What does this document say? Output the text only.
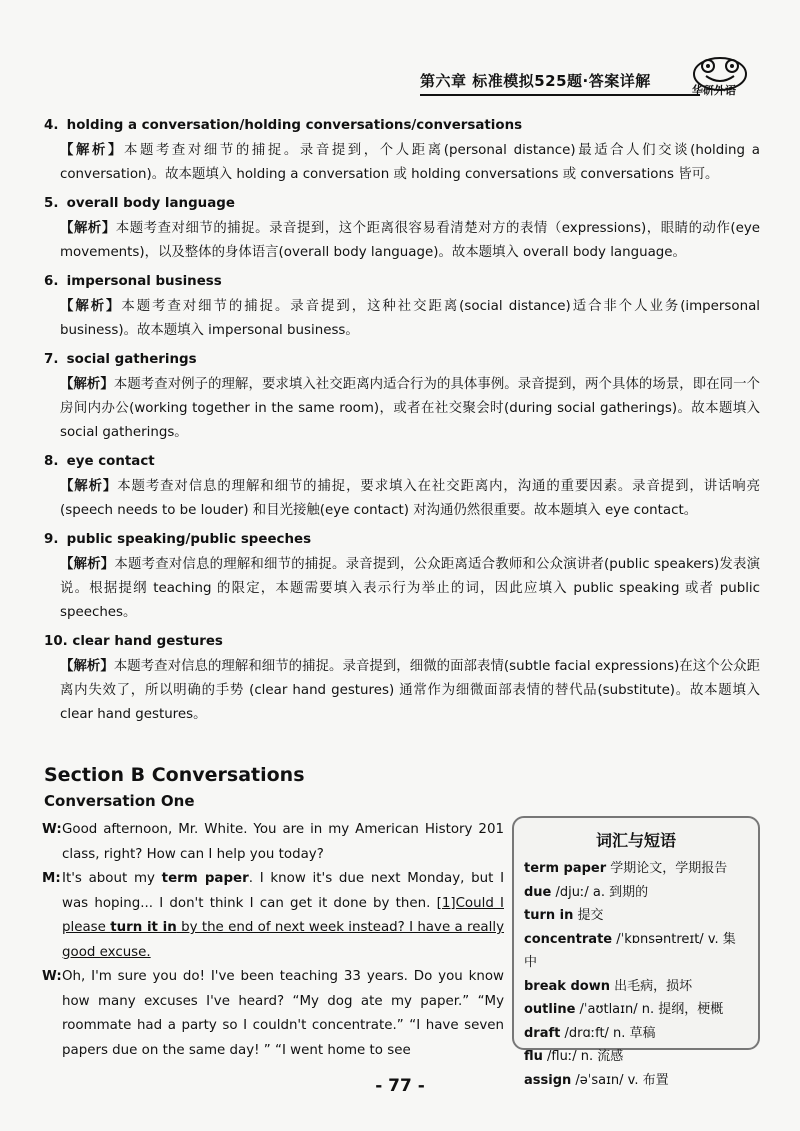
第六章 标准模拟525题·答案详解
华研外语
4. holding a conversation/holding conversations/conversations
【解析】本题考查对细节的捕捉。录音提到，个人距离(personal distance)最适合人们交谈(holding a conversation)。故本题填入 holding a conversation 或 holding conversations 或 conversations 皆可。
5. overall body language
【解析】本题考查对细节的捕捉。录音提到，这个距离很容易看清楚对方的表情（expressions)，眼睛的动作(eye movements)，以及整体的身体语言(overall body language)。故本题填入 overall body language。
6. impersonal business
【解析】本题考查对细节的捕捉。录音提到，这种社交距离(social distance)适合非个人业务(impersonal business)。故本题填入 impersonal business。
7. social gatherings
【解析】本题考查对例子的理解，要求填入社交距离内适合行为的具体事例。录音提到，两个具体的场景，即在同一个房间内办公(working together in the same room)，或者在社交聚会时(during social gatherings)。故本题填入 social gatherings。
8. eye contact
【解析】本题考查对信息的理解和细节的捕捉，要求填入在社交距离内，沟通的重要因素。录音提到，讲话响亮(speech needs to be louder) 和目光接触(eye contact) 对沟通仍然很重要。故本题填入 eye contact。
9. public speaking/public speeches
【解析】本题考查对信息的理解和细节的捕捉。录音提到，公众距离适合教师和公众演讲者(public speakers)发表演说。根据提纲 teaching 的限定，本题需要填入表示行为举止的词，因此应填入 public speaking 或者 public speeches。
10. clear hand gestures
【解析】本题考查对信息的理解和细节的捕捉。录音提到，细微的面部表情(subtle facial expressions)在这个公众距离内失效了，所以明确的手势 (clear hand gestures) 通常作为细微面部表情的替代品(substitute)。故本题填入 clear hand gestures。
Section B Conversations
Conversation One
W: Good afternoon, Mr. White. You are in my American History 201 class, right? How can I help you today?
M: It's about my term paper. I know it's due next Monday, but I was hoping... I don't think I can get it done by then. [1]Could I please turn it in by the end of next week instead? I have a really good excuse.
W: Oh, I'm sure you do! I've been teaching 33 years. Do you know how many excuses I've heard? “My dog ate my paper.” “My roommate had a party so I couldn't concentrate.” “I have seven papers due on the same day! ” “I went home to see
词汇与短语
term paper 学期论文，学期报告
due /djuː/ a. 到期的
turn in 提交
concentrate /ˈkɒnsəntreɪt/ v. 集中
break down 出毛病，损坏
outline /ˈaʊtlaɪn/ n. 提纲，梗概
draft /drɑːft/ n. 草稿
flu /fluː/ n. 流感
assign /əˈsaɪn/ v. 布置
- 77 -
